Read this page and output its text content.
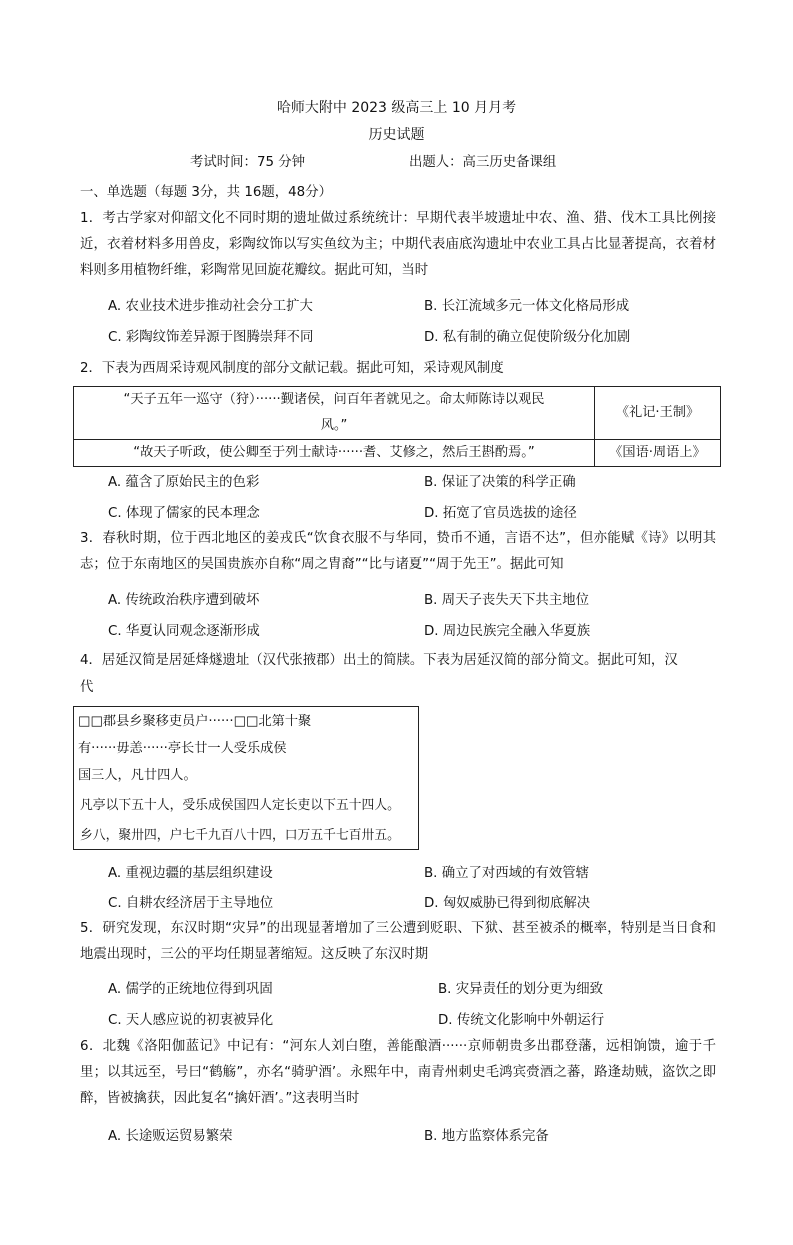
哈师大附中 2023 级高三上 10 月月考
历史试题
考试时间：75 分钟	出题人：高三历史备课组
一、单选题（每题 3分，共 16题，48分）
1．考古学家对仰韶文化不同时期的遗址做过系统统计：早期代表半坡遗址中农、渔、猎、伐木工具比例接近，衣着材料多用兽皮，彩陶纹饰以写实鱼纹为主；中期代表庙底沟遗址中农业工具占比显著提高，衣着材料则多用植物纤维，彩陶常见回旋花瓣纹。据此可知，当时
A. 农业技术进步推动社会分工扩大	B. 长江流域多元一体文化格局形成
C. 彩陶纹饰差异源于图腾崇拜不同	D. 私有制的确立促使阶级分化加剧
2．下表为西周采诗观风制度的部分文献记载。据此可知，采诗观风制度
“天子五年一巡守（狩）······觐诸侯，问百年者就见之。命太师陈诗以观民
风。”	《礼记·王制》

“故天子听政，使公卿至于列士献诗······耆、艾修之，然后王斟酌焉。”	《国语·周语上》
A. 蕴含了原始民主的色彩	B. 保证了决策的科学正确
C. 体现了儒家的民本理念	D. 拓宽了官员选拔的途径
3．春秋时期，位于西北地区的姜戎氏“饮食衣服不与华同，贽币不通，言语不达”，但亦能赋《诗》以明其志；位于东南地区的吴国贵族亦自称“周之胄裔”“比与诸夏”“周于先王”。据此可知
A. 传统政治秩序遭到破坏	B. 周天子丧失天下共主地位
C. 华夏认同观念逐渐形成	D. 周边民族完全融入华夏族
4．居延汉简是居延烽燧遗址（汉代张掖郡）出土的简牍。下表为居延汉简的部分简文。据此可知，汉
代
□□郡县乡聚移吏员户······□□北第十聚
有······毋恙······亭长廿一人受乐成侯
国三人，凡廿四人。
凡亭以下五十人，受乐成侯国四人定长吏以下五十四人。
乡八，聚卅四，户七千九百八十四，口万五千七百卅五。
A. 重视边疆的基层组织建设	B. 确立了对西域的有效管辖
C. 自耕农经济居于主导地位	D. 匈奴威胁已得到彻底解决
5．研究发现，东汉时期“灾异”的出现显著增加了三公遭到贬职、下狱、甚至被杀的概率，特别是当日食和地震出现时，三公的平均任期显著缩短。这反映了东汉时期
A. 儒学的正统地位得到巩固	B. 灾异责任的划分更为细致
C. 天人感应说的初衷被异化	D. 传统文化影响中外朝运行
6．北魏《洛阳伽蓝记》中记有：“河东人刘白堕，善能酿酒······京师朝贵多出郡登藩，远相饷馈，逾于千里；以其远至，号曰“鹤觞”，亦名“骑驴酒’。永熙年中，南青州刺史毛鸿宾赍酒之蕃，路逢劫贼，盗饮之即醉，皆被擒获，因此复名“擒奸酒’。”这表明当时
A. 长途贩运贸易繁荣	B. 地方监察体系完备
